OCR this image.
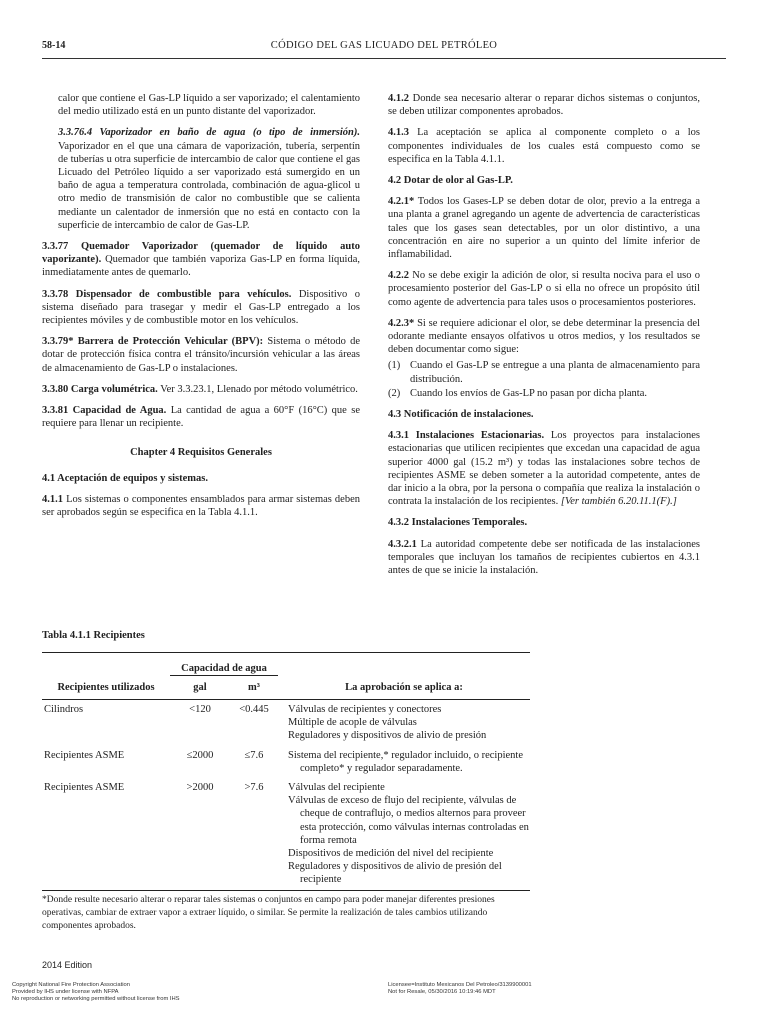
58-14	CÓDIGO DEL GAS LICUADO DEL PETRÓLEO

calor que contiene el Gas-LP líquido a ser vaporizado; el calentamiento del medio utilizado está en un punto distante del vaporizador.

3.3.76.4 Vaporizador en baño de agua (o tipo de inmersión). Vaporizador en el que una cámara de vaporización, tubería, serpentín de tuberías u otra superficie de intercambio de calor que contiene el gas Licuado del Petróleo líquido a ser vaporizado está sumergido en un baño de agua a temperatura controlada, combinación de agua-glicol u otro medio de transmisión de calor no combustible que se calienta mediante un calentador de inmersión que no está en contacto con la superficie de intercambio de calor de Gas-LP.

3.3.77 Quemador Vaporizador (quemador de líquido auto vaporizante). Quemador que también vaporiza Gas-LP en forma líquida, inmediatamente antes de quemarlo.

3.3.78 Dispensador de combustible para vehículos. Dispositivo o sistema diseñado para trasegar y medir el Gas-LP entregado a los recipientes móviles y de combustible motor en los vehículos.

3.3.79* Barrera de Protección Vehicular (BPV): Sistema o método de dotar de protección física contra el tránsito/incursión vehicular a las áreas de almacenamiento de Gas-LP o instalaciones.

3.3.80 Carga volumétrica. Ver 3.3.23.1, Llenado por método volumétrico.

3.3.81 Capacidad de Agua. La cantidad de agua a 60°F (16°C) que se requiere para llenar un recipiente.

Chapter 4 Requisitos Generales

4.1 Aceptación de equipos y sistemas.

4.1.1 Los sistemas o componentes ensamblados para armar sistemas deben ser aprobados según se especifica en la Tabla 4.1.1.

4.1.2 Donde sea necesario alterar o reparar dichos sistemas o conjuntos, se deben utilizar componentes aprobados.

4.1.3 La aceptación se aplica al componente completo o a los componentes individuales de los cuales está compuesto como se especifica en la Tabla 4.1.1.

4.2 Dotar de olor al Gas-LP.

4.2.1* Todos los Gases-LP se deben dotar de olor, previo a la entrega a una planta a granel agregando un agente de advertencia de características tales que los gases sean detectables, por un olor distintivo, a una concentración en aire no superior a un quinto del límite inferior de inflamabilidad.

4.2.2 No se debe exigir la adición de olor, si resulta nociva para el uso o procesamiento posterior del Gas-LP o si ella no ofrece un propósito útil como agente de advertencia para tales usos o procesamientos posteriores.

4.2.3* Si se requiere adicionar el olor, se debe determinar la presencia del odorante mediante ensayos olfativos u otros medios, y los resultados se deben documentar como sigue:

(1) Cuando el Gas-LP se entregue a una planta de almacenamiento para distribución.
(2) Cuando los envíos de Gas-LP no pasan por dicha planta.

4.3 Notificación de instalaciones.

4.3.1 Instalaciones Estacionarias. Los proyectos para instalaciones estacionarias que utilicen recipientes que excedan una capacidad de agua superior 4000 gal (15.2 m³) y todas las instalaciones sobre techos de recipientes ASME se deben someter a la autoridad competente, antes de dar inicio a la obra, por la persona o compañía que realiza la instalación o contrata la instalación de los recipientes. [Ver también 6.20.11.1(F).]

4.3.2 Instalaciones Temporales.

4.3.2.1 La autoridad competente debe ser notificada de las instalaciones temporales que incluyan los tamaños de recipientes cubiertos en 4.3.1 antes de que se inicie la instalación.

Tabla 4.1.1 Recipientes
Capacidad de agua
Recipientes utilizados	gal	m³	La aprobación se aplica a:
Cilindros	<120	<0.445	Válvulas de recipientes y conectores
Múltiple de acople de válvulas
Reguladores y dispositivos de alivio de presión
Recipientes ASME	≤2000	≤7.6	Sistema del recipiente,* regulador incluido, o recipiente completo* y regulador separadamente.
Recipientes ASME	>2000	>7.6	Válvulas del recipiente
Válvulas de exceso de flujo del recipiente, válvulas de cheque de contraflujo, o medios alternos para proveer esta protección, como válvulas internas controladas en forma remota
Dispositivos de medición del nivel del recipiente
Reguladores y dispositivos de alivio de presión del recipiente
*Donde resulte necesario alterar o reparar tales sistemas o conjuntos en campo para poder manejar diferentes presiones operativas, cambiar de extraer vapor a extraer líquido, o similar. Se permite la realización de tales cambios utilizando componentes aprobados.
2014 Edition
Copyright National Fire Protection Association
Provided by IHS under license with NFPA
No reproduction or networking permitted without license from IHS
Licensee=Instituto Mexicanos Del Petroleo/3139900001
Not for Resale, 05/30/2016 10:19:46 MDT
